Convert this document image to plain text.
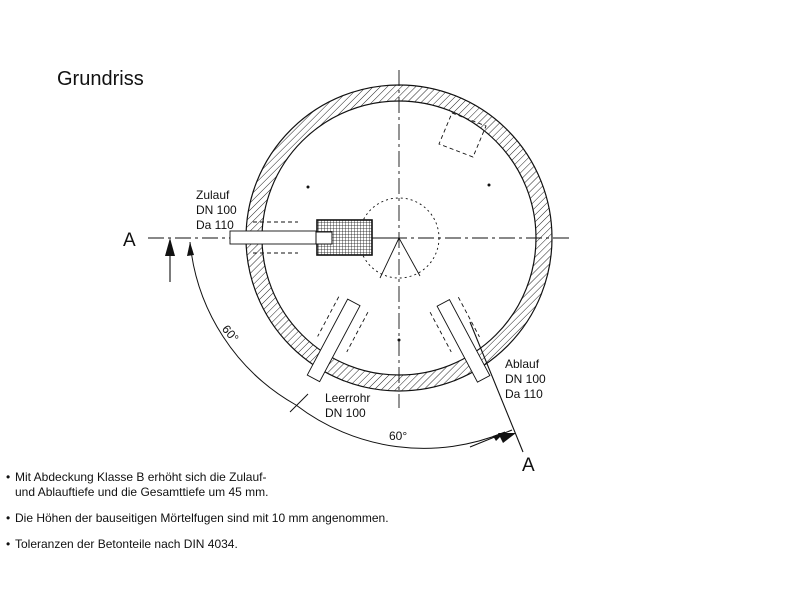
Grundriss
A
A
Zulauf
DN 100
Da 110
Ablauf
DN 100
Da 110
Leerrohr
DN 100
60°
60°
• Mit Abdeckung Klasse B erhöht sich die Zulauf-
und Ablauftiefe und die Gesamttiefe um 45 mm.
• Die Höhen der bauseitigen Mörtelfugen sind mit 10 mm angenommen.
• Toleranzen der Betonteile nach DIN 4034.
